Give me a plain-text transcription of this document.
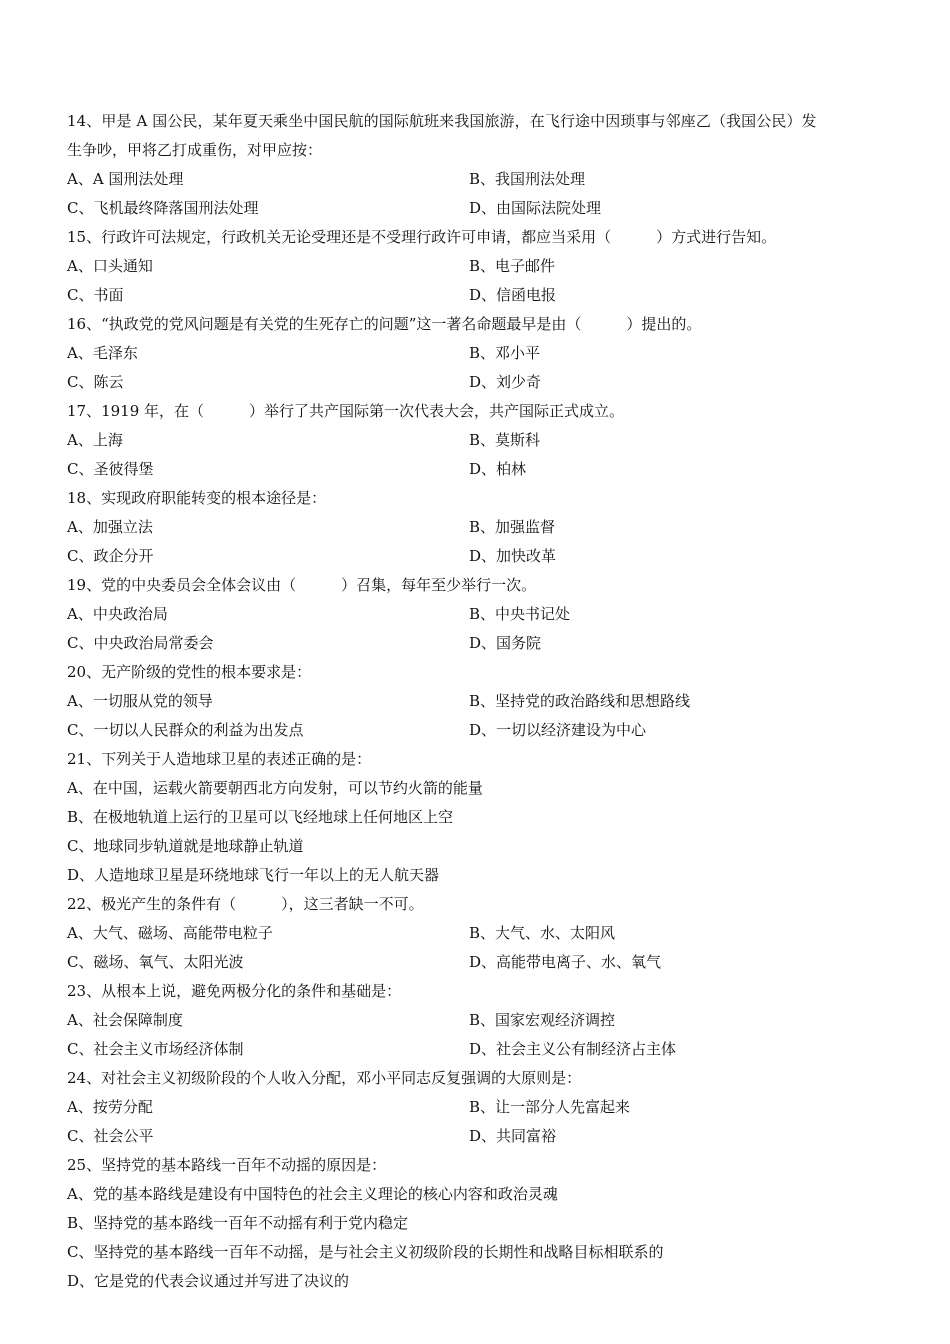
14、甲是 A 国公民，某年夏天乘坐中国民航的国际航班来我国旅游，在飞行途中因琐事与邻座乙（我国公民）发
生争吵，甲将乙打成重伤，对甲应按：
A、A 国刑法处理	B、我国刑法处理
C、飞机最终降落国刑法处理	D、由国际法院处理
15、行政许可法规定，行政机关无论受理还是不受理行政许可申请，都应当采用（　　　）方式进行告知。
A、口头通知	B、电子邮件
C、书面	D、信函电报
16、“执政党的党风问题是有关党的生死存亡的问题”这一著名命题最早是由（　　　）提出的。
A、毛泽东	B、邓小平
C、陈云	D、刘少奇
17、1919 年，在（　　　）举行了共产国际第一次代表大会，共产国际正式成立。
A、上海	B、莫斯科
C、圣彼得堡	D、柏林
18、实现政府职能转变的根本途径是：
A、加强立法	B、加强监督
C、政企分开	D、加快改革
19、党的中央委员会全体会议由（　　　）召集，每年至少举行一次。
A、中央政治局	B、中央书记处
C、中央政治局常委会	D、国务院
20、无产阶级的党性的根本要求是：
A、一切服从党的领导	B、坚持党的政治路线和思想路线
C、一切以人民群众的利益为出发点	D、一切以经济建设为中心
21、下列关于人造地球卫星的表述正确的是：
A、在中国，运载火箭要朝西北方向发射，可以节约火箭的能量
B、在极地轨道上运行的卫星可以飞经地球上任何地区上空
C、地球同步轨道就是地球静止轨道
D、人造地球卫星是环绕地球飞行一年以上的无人航天器
22、极光产生的条件有（　　　），这三者缺一不可。
A、大气、磁场、高能带电粒子	B、大气、水、太阳风
C、磁场、氧气、太阳光波	D、高能带电离子、水、氧气
23、从根本上说，避免两极分化的条件和基础是：
A、社会保障制度	B、国家宏观经济调控
C、社会主义市场经济体制	D、社会主义公有制经济占主体
24、对社会主义初级阶段的个人收入分配，邓小平同志反复强调的大原则是：
A、按劳分配	B、让一部分人先富起来
C、社会公平	D、共同富裕
25、坚持党的基本路线一百年不动摇的原因是：
A、党的基本路线是建设有中国特色的社会主义理论的核心内容和政治灵魂
B、坚持党的基本路线一百年不动摇有利于党内稳定
C、坚持党的基本路线一百年不动摇，是与社会主义初级阶段的长期性和战略目标相联系的
D、它是党的代表会议通过并写进了决议的
